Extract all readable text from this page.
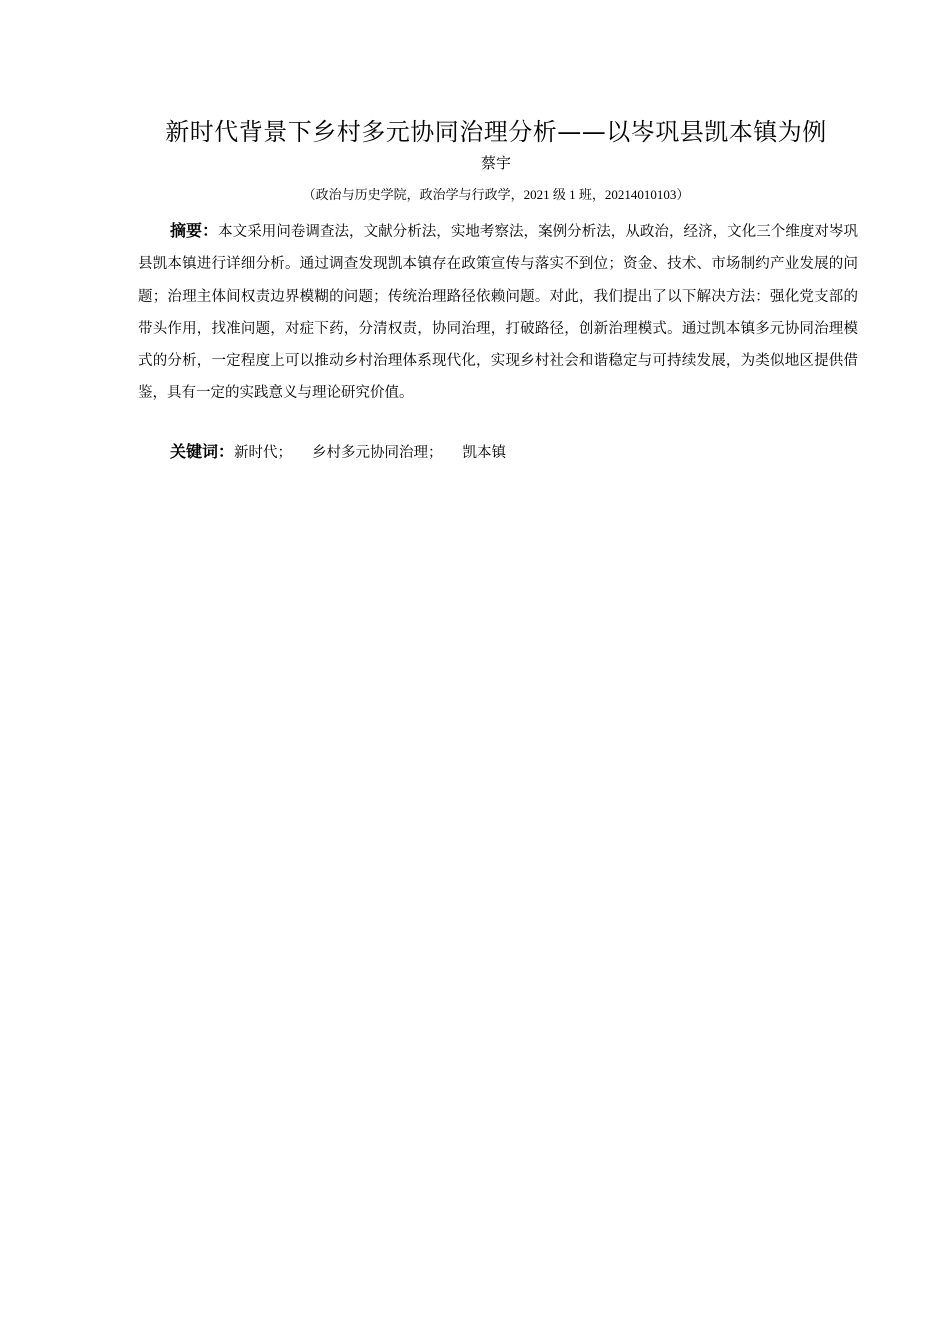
新时代背景下乡村多元协同治理分析——以岑巩县凯本镇为例
蔡宇
（政治与历史学院，政治学与行政学，2021 级 1 班，20214010103）

摘要：本文采用问卷调查法，文献分析法，实地考察法，案例分析法，从政治，经济，文化三个维度对岑巩县凯本镇进行详细分析。通过调查发现凯本镇存在政策宣传与落实不到位；资金、技术、市场制约产业发展的问题；治理主体间权责边界模糊的问题；传统治理路径依赖问题。对此，我们提出了以下解决方法：强化党支部的带头作用，找准问题，对症下药，分清权责，协同治理，打破路径，创新治理模式。通过凯本镇多元协同治理模式的分析，一定程度上可以推动乡村治理体系现代化，实现乡村社会和谐稳定与可持续发展，为类似地区提供借鉴，具有一定的实践意义与理论研究价值。

关键词：新时代； 乡村多元协同治理； 凯本镇
